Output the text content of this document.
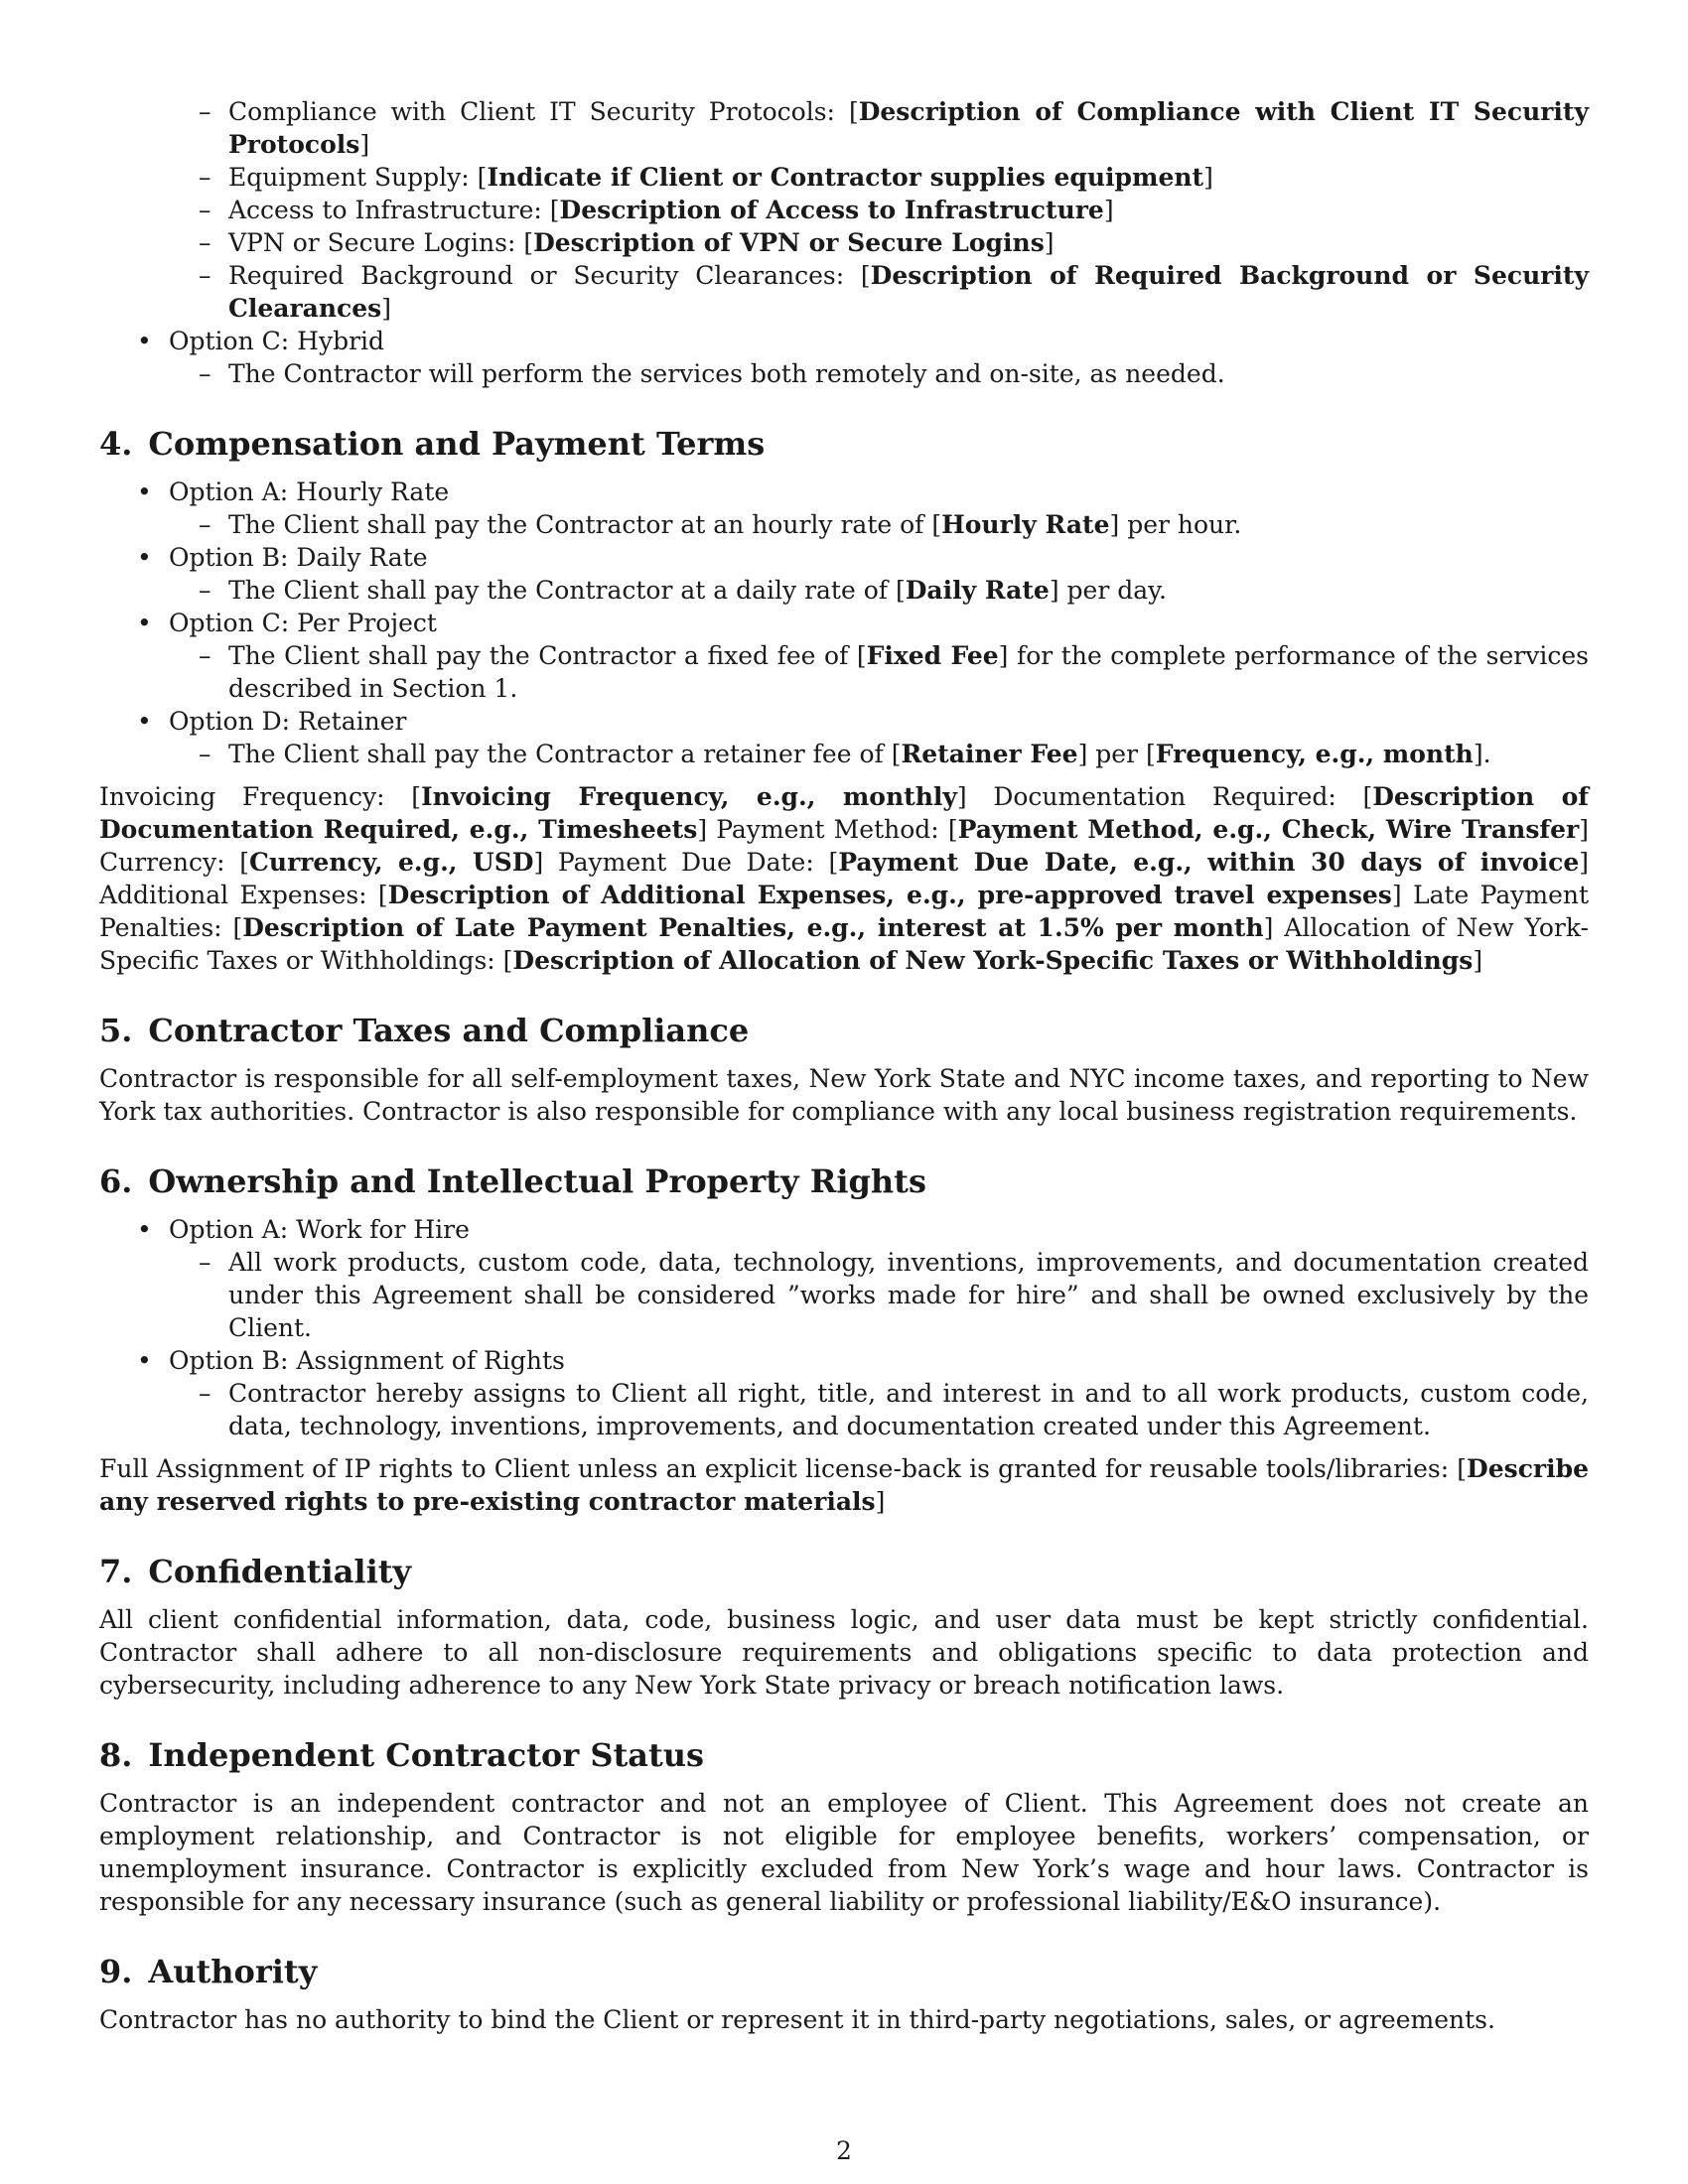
– Compliance with Client IT Security Protocols: [Description of Compliance with Client IT Security Protocols]

– Equipment Supply: [Indicate if Client or Contractor supplies equipment]

– Access to Infrastructure: [Description of Access to Infrastructure]

– VPN or Secure Logins: [Description of VPN or Secure Logins]

– Required Background or Security Clearances: [Description of Required Background or Security Clearances]

• Option C: Hybrid

– The Contractor will perform the services both remotely and on-site, as needed.

4. Compensation and Payment Terms

• Option A: Hourly Rate

– The Client shall pay the Contractor at an hourly rate of [Hourly Rate] per hour.

• Option B: Daily Rate

– The Client shall pay the Contractor at a daily rate of [Daily Rate] per day.

• Option C: Per Project

– The Client shall pay the Contractor a fixed fee of [Fixed Fee] for the complete performance of the services described in Section 1.

• Option D: Retainer

– The Client shall pay the Contractor a retainer fee of [Retainer Fee] per [Frequency, e.g., month].

Invoicing Frequency: [Invoicing Frequency, e.g., monthly] Documentation Required: [Description of Documentation Required, e.g., Timesheets] Payment Method: [Payment Method, e.g., Check, Wire Transfer] Currency: [Currency, e.g., USD] Payment Due Date: [Payment Due Date, e.g., within 30 days of invoice] Additional Expenses: [Description of Additional Expenses, e.g., pre-approved travel expenses] Late Payment Penalties: [Description of Late Payment Penalties, e.g., interest at 1.5% per month] Allocation of New York-Specific Taxes or Withholdings: [Description of Allocation of New York-Specific Taxes or Withholdings]

5. Contractor Taxes and Compliance

Contractor is responsible for all self-employment taxes, New York State and NYC income taxes, and reporting to New York tax authorities. Contractor is also responsible for compliance with any local business registration requirements.

6. Ownership and Intellectual Property Rights

• Option A: Work for Hire

– All work products, custom code, data, technology, inventions, improvements, and documentation created under this Agreement shall be considered ”works made for hire” and shall be owned exclusively by the Client.

• Option B: Assignment of Rights

– Contractor hereby assigns to Client all right, title, and interest in and to all work products, custom code, data, technology, inventions, improvements, and documentation created under this Agreement.

Full Assignment of IP rights to Client unless an explicit license-back is granted for reusable tools/libraries: [Describe any reserved rights to pre-existing contractor materials]

7. Confidentiality

All client confidential information, data, code, business logic, and user data must be kept strictly confidential. Contractor shall adhere to all non-disclosure requirements and obligations specific to data protection and cybersecurity, including adherence to any New York State privacy or breach notification laws.

8. Independent Contractor Status

Contractor is an independent contractor and not an employee of Client. This Agreement does not create an employment relationship, and Contractor is not eligible for employee benefits, workers’ compensation, or unemployment insurance. Contractor is explicitly excluded from New York’s wage and hour laws. Contractor is responsible for any necessary insurance (such as general liability or professional liability/E&O insurance).

9. Authority

Contractor has no authority to bind the Client or represent it in third-party negotiations, sales, or agreements.

2
